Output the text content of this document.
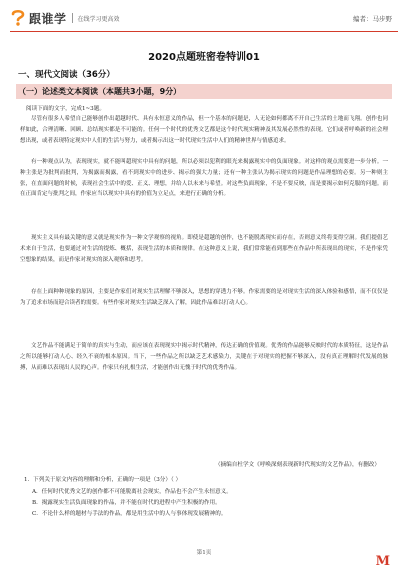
跟谁学 在线学习更高效	编者：马步野
2020点题班密卷特训01
一、现代文阅读（36分）
（一）论述类文本阅读（本题共3小题，9分）
阅读下面的文字，完成1~3题。

尽管有很多人希望自己能够创作出超越时代、具有永恒意义的作品，但一个基本的问题是，人无论如何都离不开自己生活的土地而飞翔。创作也同样如此，合理清晰、回顾、总结现实都是不可能的。任何一个时代的优秀文艺都是这个时代现实精神及其发展必然性的表现。它们或者呼唤新的社会理想出现，或者表现特定现实中人们的生活与努力，或者揭示出这一时代现实生活中人们的精神世界与情感追求。

有一种观点认为，表现现实，就不能叫超现实中具有的问题，所以必须以犯利的眼光来揭露现实中的负面现象。对这样的观点需要进一步分析。一种主张是为批判而批判，为揭露而揭露，看不到现实中的进步、揭示的强大力量；还有一种主张认为揭示现实的问题是作品理想的必要。另一种则主张，在直面问题的时候，表现社会生活中的爱、正义、理想，并给人以未来与希望。对这些负面现象，不是不要反映，而是要揭示如何克服的问题。而在正面肯定与批判之间，作家应当以现实中具有的价值为立足点，来进行正确的分析。

现实主义具有最关键的意义就是现实作为一种文学观察的视角。即使是超越的创作，也不能脱离现实而存在，否则意义终将变得空洞。我们提倡艺术来自于生活，也要通过对生活的提炼、概括，表现生活的本质和规律。在这种意义上说，我们常常能看到那些在作品中所表现出的现实，不是作家凭空想象的结果，而是作家对现实的深入观察和思考。

存在上面种种现象的原因，主要是作家们对现实生活理解不够深入，思想的穿透力不够。作家需要的是对现实生活的深入体验和感悟，而不仅仅是为了追求市场而迎合读者的需要。有些作家对现实生活缺乏深入了解，因此作品难以打动人心。

文艺作品不能满足于简单的真实与生动，而应该在表现现实中揭示时代精神，传达正确的价值观。优秀的作品能够反映时代的本质特征，这是作品之所以能够打动人心、经久不衰的根本原因。当下，一些作品之所以缺乏艺术感染力，关键在于对现实的把握不够深入，没有真正理解时代发展的脉搏，从而难以表现出人民的心声。作家只有扎根生活，才能创作出无愧于时代的优秀作品。

（摘编自杜学文《呼唤深刻表现新时代现实的文艺作品》，有删改）
1．下列关于原文内容的理解和分析，正确的一项是（3分）（ ）
A．任何时代优秀文艺的创作都不可能脱离社会现实，作品也不会产生永恒意义。
B．揭露现实生活负面现象的作品，并不能在时代的进程中产生积极的作用。
C．不论什么样的题材与手法的作品，都是用生活中的人与事体现发展精神的。
第1页
M
